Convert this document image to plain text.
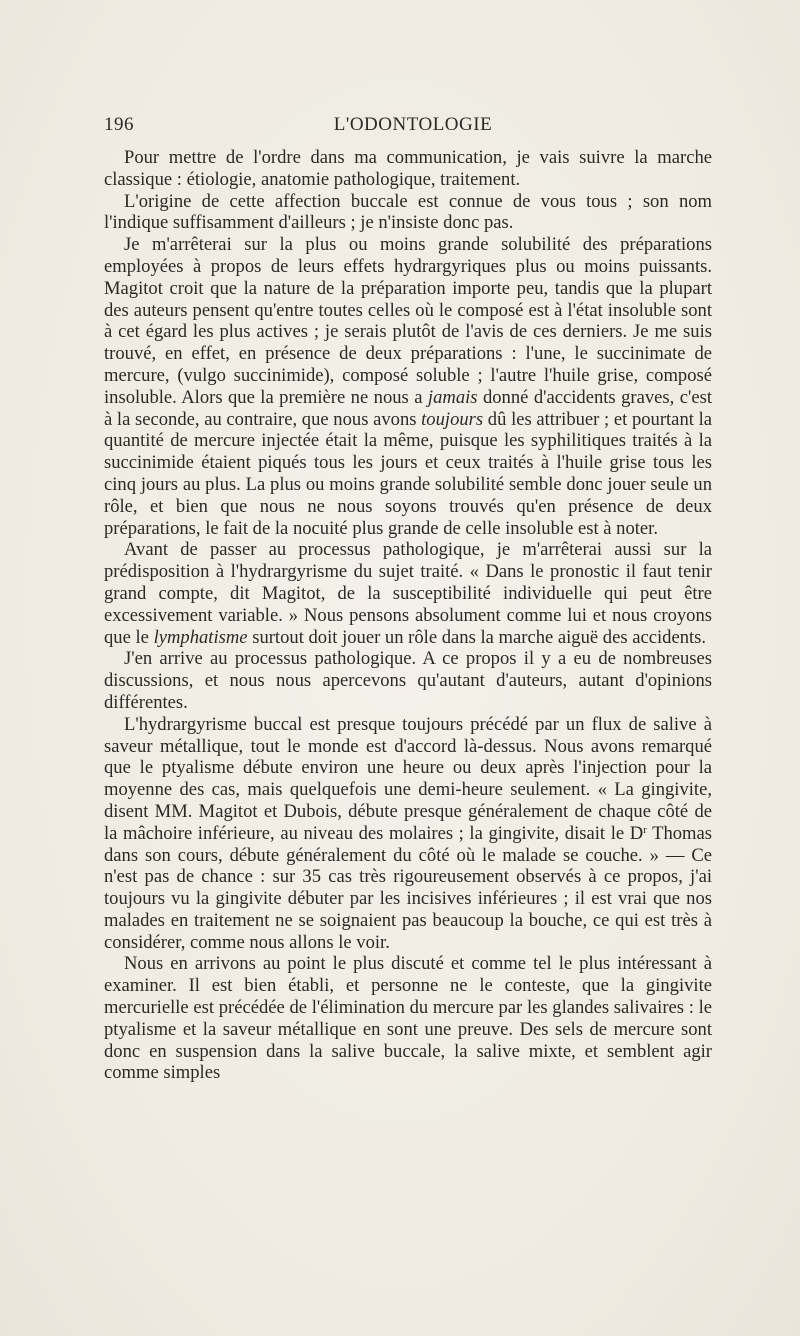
196	L'ODONTOLOGIE

Pour mettre de l'ordre dans ma communication, je vais suivre la marche classique : étiologie, anatomie pathologique, traitement.

L'origine de cette affection buccale est connue de vous tous ; son nom l'indique suffisamment d'ailleurs ; je n'insiste donc pas.

Je m'arrêterai sur la plus ou moins grande solubilité des préparations employées à propos de leurs effets hydrargyriques plus ou moins puissants. Magitot croit que la nature de la préparation importe peu, tandis que la plupart des auteurs pensent qu'entre toutes celles où le composé est à l'état insoluble sont à cet égard les plus actives ; je serais plutôt de l'avis de ces derniers. Je me suis trouvé, en effet, en présence de deux préparations : l'une, le succinimate de mercure, (vulgo succinimide), composé soluble ; l'autre l'huile grise, composé insoluble. Alors que la première ne nous a jamais donné d'accidents graves, c'est à la seconde, au contraire, que nous avons toujours dû les attribuer ; et pourtant la quantité de mercure injectée était la même, puisque les syphilitiques traités à la succinimide étaient piqués tous les jours et ceux traités à l'huile grise tous les cinq jours au plus. La plus ou moins grande solubilité semble donc jouer seule un rôle, et bien que nous ne nous soyons trouvés qu'en présence de deux préparations, le fait de la nocuité plus grande de celle insoluble est à noter.

Avant de passer au processus pathologique, je m'arrêterai aussi sur la prédisposition à l'hydrargyrisme du sujet traité. « Dans le pronostic il faut tenir grand compte, dit Magitot, de la susceptibilité individuelle qui peut être excessivement variable. » Nous pensons absolument comme lui et nous croyons que le lymphatisme surtout doit jouer un rôle dans la marche aiguë des accidents.

J'en arrive au processus pathologique. A ce propos il y a eu de nombreuses discussions, et nous nous apercevons qu'autant d'auteurs, autant d'opinions différentes.

L'hydrargyrisme buccal est presque toujours précédé par un flux de salive à saveur métallique, tout le monde est d'accord là-dessus. Nous avons remarqué que le ptyalisme débute environ une heure ou deux après l'injection pour la moyenne des cas, mais quelquefois une demi-heure seulement. « La gingivite, disent MM. Magitot et Dubois, débute presque généralement de chaque côté de la mâchoire inférieure, au niveau des molaires ; la gingivite, disait le $D^r$ Thomas dans son cours, débute généralement du côté où le malade se couche. » — Ce n'est pas de chance : sur 35 cas très rigoureusement observés à ce propos, j'ai toujours vu la gingivite débuter par les incisives inférieures ; il est vrai que nos malades en traitement ne se soignaient pas beaucoup la bouche, ce qui est très à considérer, comme nous allons le voir.

Nous en arrivons au point le plus discuté et comme tel le plus intéressant à examiner. Il est bien établi, et personne ne le conteste, que la gingivite mercurielle est précédée de l'élimination du mercure par les glandes salivaires : le ptyalisme et la saveur métallique en sont une preuve. Des sels de mercure sont donc en suspension dans la salive buccale, la salive mixte, et semblent agir comme simples
